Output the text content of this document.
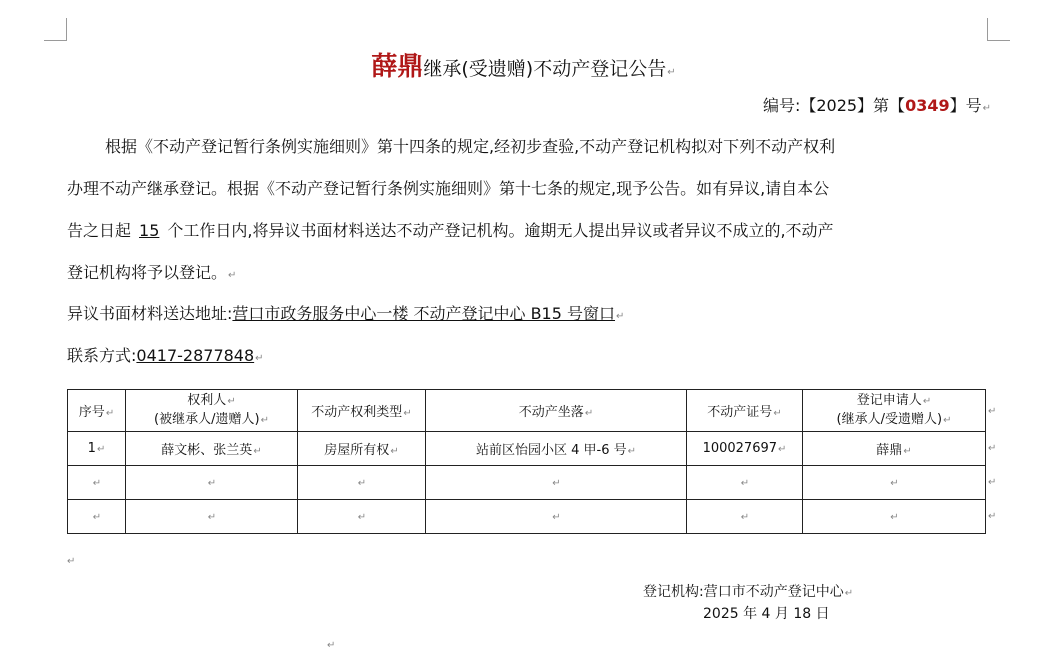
薛鼎继承(受遗赠)不动产登记公告↵
编号:【2025】第【0349】号↵
根据《不动产登记暂行条例实施细则》第十四条的规定,经初步查验,不动产登记机构拟对下列不动产权利
办理不动产继承登记。根据《不动产登记暂行条例实施细则》第十七条的规定,现予公告。如有异议,请自本公
告之日起 15 个工作日内,将异议书面材料送达不动产登记机构。逾期无人提出异议或者异议不成立的,不动产
登记机构将予以登记。↵
异议书面材料送达地址:营口市政务服务中心一楼 不动产登记中心 B15 号窗口↵
联系方式:0417-2877848↵
序号↵	权利人↵
(被继承人/遗赠人)↵	不动产权利类型↵	不动产坐落↵	不动产证号↵	登记申请人↵
(继承人/受遗赠人)↵

1↵	薛文彬、张兰英↵	房屋所有权↵	站前区怡园小区 4 甲-6 号↵	100027697↵	薛鼎↵
↵	↵	↵	↵	↵	↵
↵	↵	↵	↵	↵	↵
↵
↵
↵
↵
↵
登记机构:营口市不动产登记中心↵
2025 年 4 月 18 日
↵
